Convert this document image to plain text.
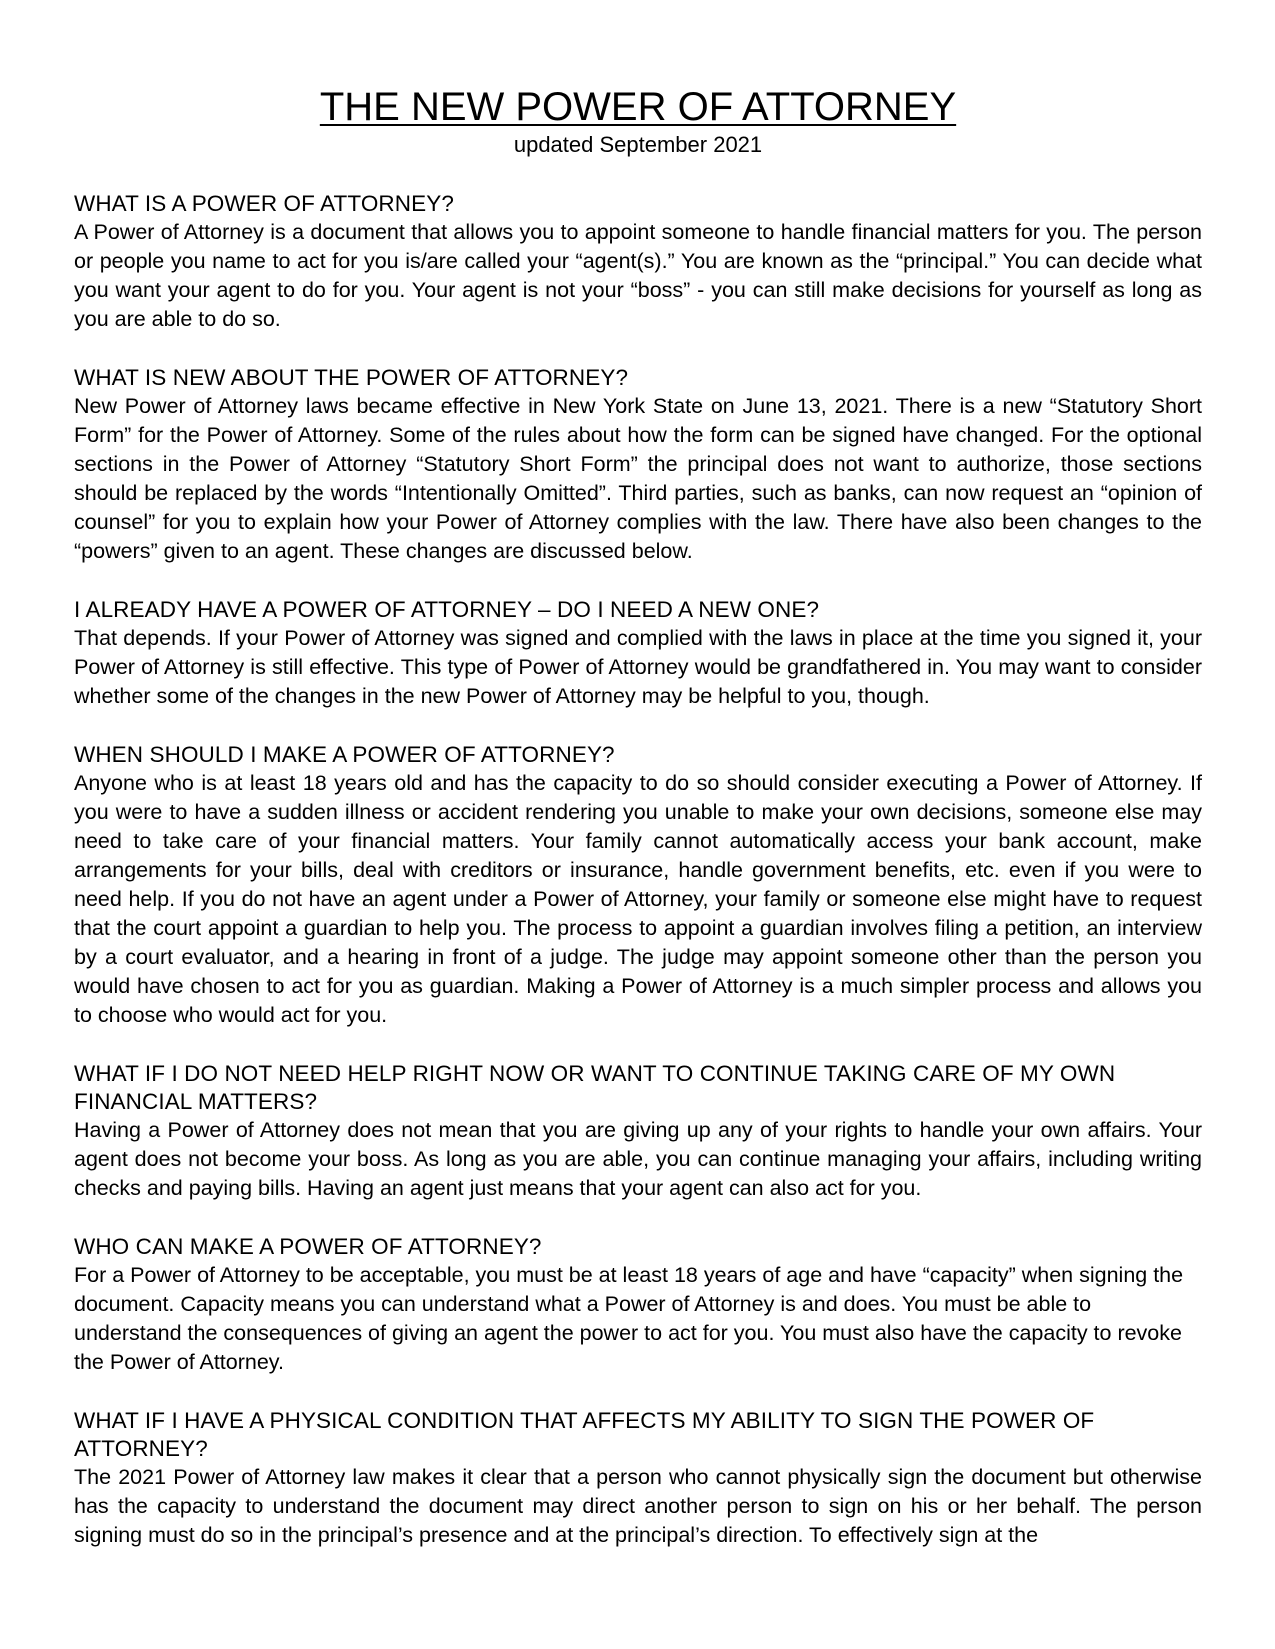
THE NEW POWER OF ATTORNEY

updated September 2021

WHAT IS A POWER OF ATTORNEY?

A Power of Attorney is a document that allows you to appoint someone to handle financial matters for you. The person or people you name to act for you is/are called your “agent(s).” You are known as the “principal.” You can decide what you want your agent to do for you. Your agent is not your “boss” - you can still make decisions for yourself as long as you are able to do so.

WHAT IS NEW ABOUT THE POWER OF ATTORNEY?

New Power of Attorney laws became effective in New York State on June 13, 2021. There is a new “Statutory Short Form” for the Power of Attorney. Some of the rules about how the form can be signed have changed. For the optional sections in the Power of Attorney “Statutory Short Form” the principal does not want to authorize, those sections should be replaced by the words “Intentionally Omitted”. Third parties, such as banks, can now request an “opinion of counsel” for you to explain how your Power of Attorney complies with the law. There have also been changes to the “powers” given to an agent. These changes are discussed below.

I ALREADY HAVE A POWER OF ATTORNEY – DO I NEED A NEW ONE?

That depends. If your Power of Attorney was signed and complied with the laws in place at the time you signed it, your Power of Attorney is still effective. This type of Power of Attorney would be grandfathered in. You may want to consider whether some of the changes in the new Power of Attorney may be helpful to you, though.

WHEN SHOULD I MAKE A POWER OF ATTORNEY?

Anyone who is at least 18 years old and has the capacity to do so should consider executing a Power of Attorney. If you were to have a sudden illness or accident rendering you unable to make your own decisions, someone else may need to take care of your financial matters. Your family cannot automatically access your bank account, make arrangements for your bills, deal with creditors or insurance, handle government benefits, etc. even if you were to need help. If you do not have an agent under a Power of Attorney, your family or someone else might have to request that the court appoint a guardian to help you. The process to appoint a guardian involves filing a petition, an interview by a court evaluator, and a hearing in front of a judge. The judge may appoint someone other than the person you would have chosen to act for you as guardian. Making a Power of Attorney is a much simpler process and allows you to choose who would act for you.

WHAT IF I DO NOT NEED HELP RIGHT NOW OR WANT TO CONTINUE TAKING CARE OF MY OWN FINANCIAL MATTERS?

Having a Power of Attorney does not mean that you are giving up any of your rights to handle your own affairs. Your agent does not become your boss. As long as you are able, you can continue managing your affairs, including writing checks and paying bills. Having an agent just means that your agent can also act for you.

WHO CAN MAKE A POWER OF ATTORNEY?

For a Power of Attorney to be acceptable, you must be at least 18 years of age and have “capacity” when signing the document. Capacity means you can understand what a Power of Attorney is and does. You must be able to understand the consequences of giving an agent the power to act for you. You must also have the capacity to revoke the Power of Attorney.

WHAT IF I HAVE A PHYSICAL CONDITION THAT AFFECTS MY ABILITY TO SIGN THE POWER OF ATTORNEY?

The 2021 Power of Attorney law makes it clear that a person who cannot physically sign the document but otherwise has the capacity to understand the document may direct another person to sign on his or her behalf. The person signing must do so in the principal’s presence and at the principal’s direction. To effectively sign at the
